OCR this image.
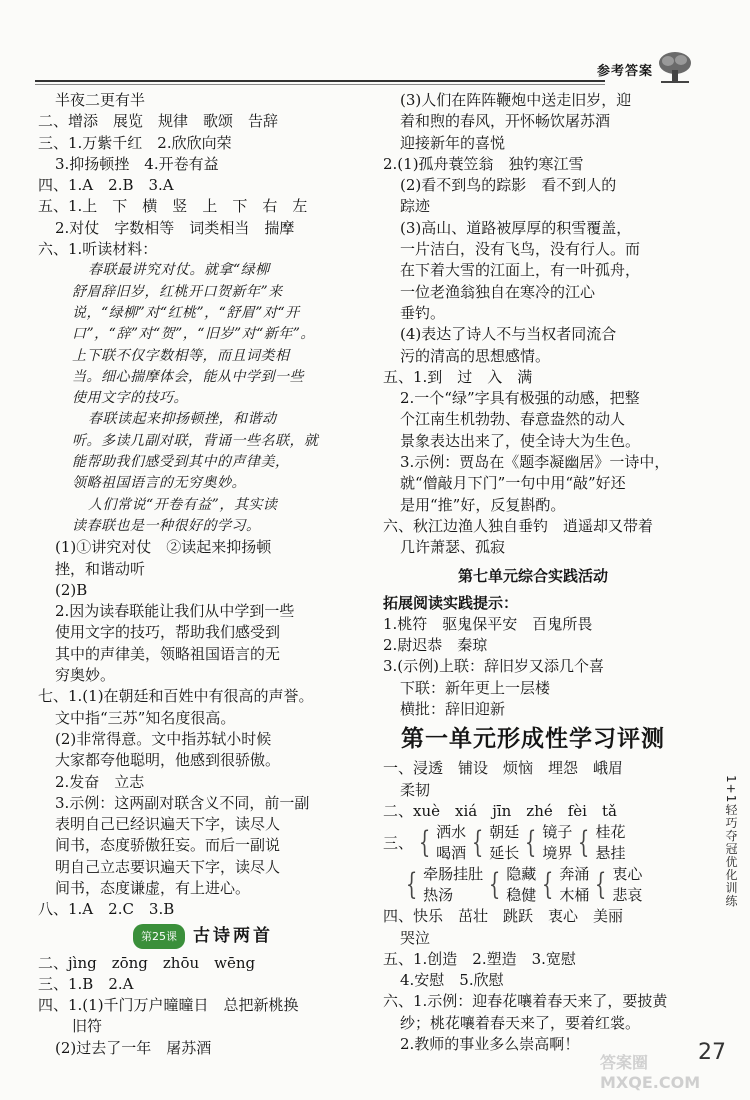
参考答案
半夜二更有半
二、增添　展览　规律　歌颂　告辞
三、1.万紫千红　2.欣欣向荣
3.抑扬顿挫　4.开卷有益
四、1.A　2.B　3.A
五、1.上　下　横　竖　上　下　右　左
2.对仗　字数相等　词类相当　揣摩
六、1.听读材料：
春联最讲究对仗。就拿“绿柳
舒眉辞旧岁，红桃开口贺新年”来
说，“绿柳”对“红桃”，“舒眉”对“开
口”，“辞”对“贺”，“旧岁”对“新年”。
上下联不仅字数相等，而且词类相
当。细心揣摩体会，能从中学到一些
使用文字的技巧。
春联读起来抑扬顿挫，和谐动
听。多读几副对联，背诵一些名联，就
能帮助我们感受到其中的声律美，
领略祖国语言的无穷奥妙。
人们常说“开卷有益”，其实读
读春联也是一种很好的学习。
(1)①讲究对仗　②读起来抑扬顿
挫，和谐动听
(2)B
2.因为读春联能让我们从中学到一些
使用文字的技巧，帮助我们感受到
其中的声律美，领略祖国语言的无
穷奥妙。
七、1.(1)在朝廷和百姓中有很高的声誉。
文中指“三苏”知名度很高。
(2)非常得意。文中指苏轼小时候
大家都夸他聪明，他感到很骄傲。
2.发奋　立志
3.示例：这两副对联含义不同，前一副
表明自己已经识遍天下字，读尽人
间书，态度骄傲狂妄。而后一副说
明自己立志要识遍天下字，读尽人
间书，态度谦虚，有上进心。
八、1.A　2.C　3.B
第25课 古诗两首
二、jìng　zōng　zhōu　wēng
三、1.B　2.A
四、1.(1)千门万户曈曈日　总把新桃换
旧符
(2)过去了一年　屠苏酒
(3)人们在阵阵鞭炮中送走旧岁，迎
着和煦的春风，开怀畅饮屠苏酒
迎接新年的喜悦
2.(1)孤舟蓑笠翁　独钓寒江雪
(2)看不到鸟的踪影　看不到人的
踪迹
(3)高山、道路被厚厚的积雪覆盖，
一片洁白，没有飞鸟，没有行人。而
在下着大雪的江面上，有一叶孤舟，
一位老渔翁独自在寒冷的江心
垂钓。
(4)表达了诗人不与当权者同流合
污的清高的思想感情。
五、1.到　过　入　满
2.一个“绿”字具有极强的动感，把整
个江南生机勃勃、春意盎然的动人
景象表达出来了，使全诗大为生色。
3.示例：贾岛在《题李凝幽居》一诗中，
就“僧敲月下门”一句中用“敲”好还
是用“推”好，反复斟酌。
六、秋江边渔人独自垂钓　逍遥却又带着
几许萧瑟、孤寂
第七单元综合实践活动
拓展阅读实践提示：
1.桃符　驱鬼保平安　百鬼所畏
2.尉迟恭　秦琼
3.(示例)上联：辞旧岁又添几个喜
下联：新年更上一层楼
横批：辞旧迎新
第一单元形成性学习评测
一、浸透　铺设　烦恼　埋怨　峨眉
柔韧
二、xuè　xiá　jīn　zhé　fèi　tǎ
三、 { 洒水
喝酒 { 朝廷
延长 { 镜子
境界 { 桂花
悬挂
{ 牵肠挂肚
热汤	{ 隐藏
稳健 { 奔涌
木桶 { 衷心
悲哀
四、快乐　茁壮　跳跃　衷心　美丽
哭泣
五、1.创造　2.塑造　3.宽慰
4.安慰　5.欣慰
六、1.示例：迎春花嚷着春天来了，要披黄
纱；桃花嚷着春天来了，要着红裳。
2.教师的事业多么崇高啊！
1+1轻巧夺冠优化训练
27
答案圈 MXQE.COM
